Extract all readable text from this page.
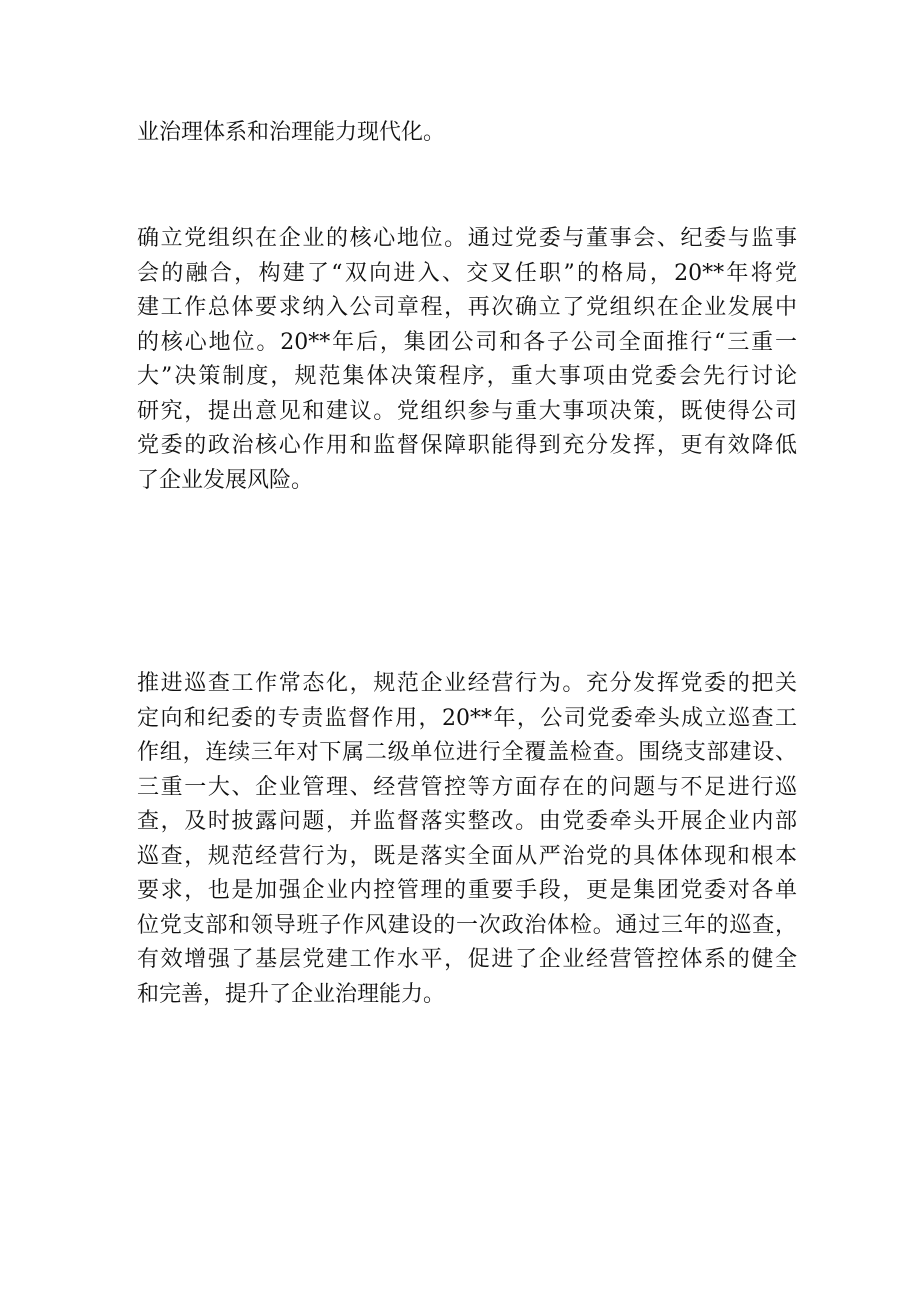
业治理体系和治理能力现代化。
确立党组织在企业的核心地位。通过党委与董事会、纪委与监事
会的融合，构建了“双向进入、交叉任职”的格局，20**年将党
建工作总体要求纳入公司章程，再次确立了党组织在企业发展中
的核心地位。20**年后，集团公司和各子公司全面推行“三重一
大”决策制度，规范集体决策程序，重大事项由党委会先行讨论
研究，提出意见和建议。党组织参与重大事项决策，既使得公司
党委的政治核心作用和监督保障职能得到充分发挥，更有效降低
了企业发展风险。
推进巡查工作常态化，规范企业经营行为。充分发挥党委的把关
定向和纪委的专责监督作用，20**年，公司党委牵头成立巡查工
作组，连续三年对下属二级单位进行全覆盖检查。围绕支部建设、
三重一大、企业管理、经营管控等方面存在的问题与不足进行巡
查，及时披露问题，并监督落实整改。由党委牵头开展企业内部
巡查，规范经营行为，既是落实全面从严治党的具体体现和根本
要求，也是加强企业内控管理的重要手段，更是集团党委对各单
位党支部和领导班子作风建设的一次政治体检。通过三年的巡查，
有效增强了基层党建工作水平，促进了企业经营管控体系的健全
和完善，提升了企业治理能力。
